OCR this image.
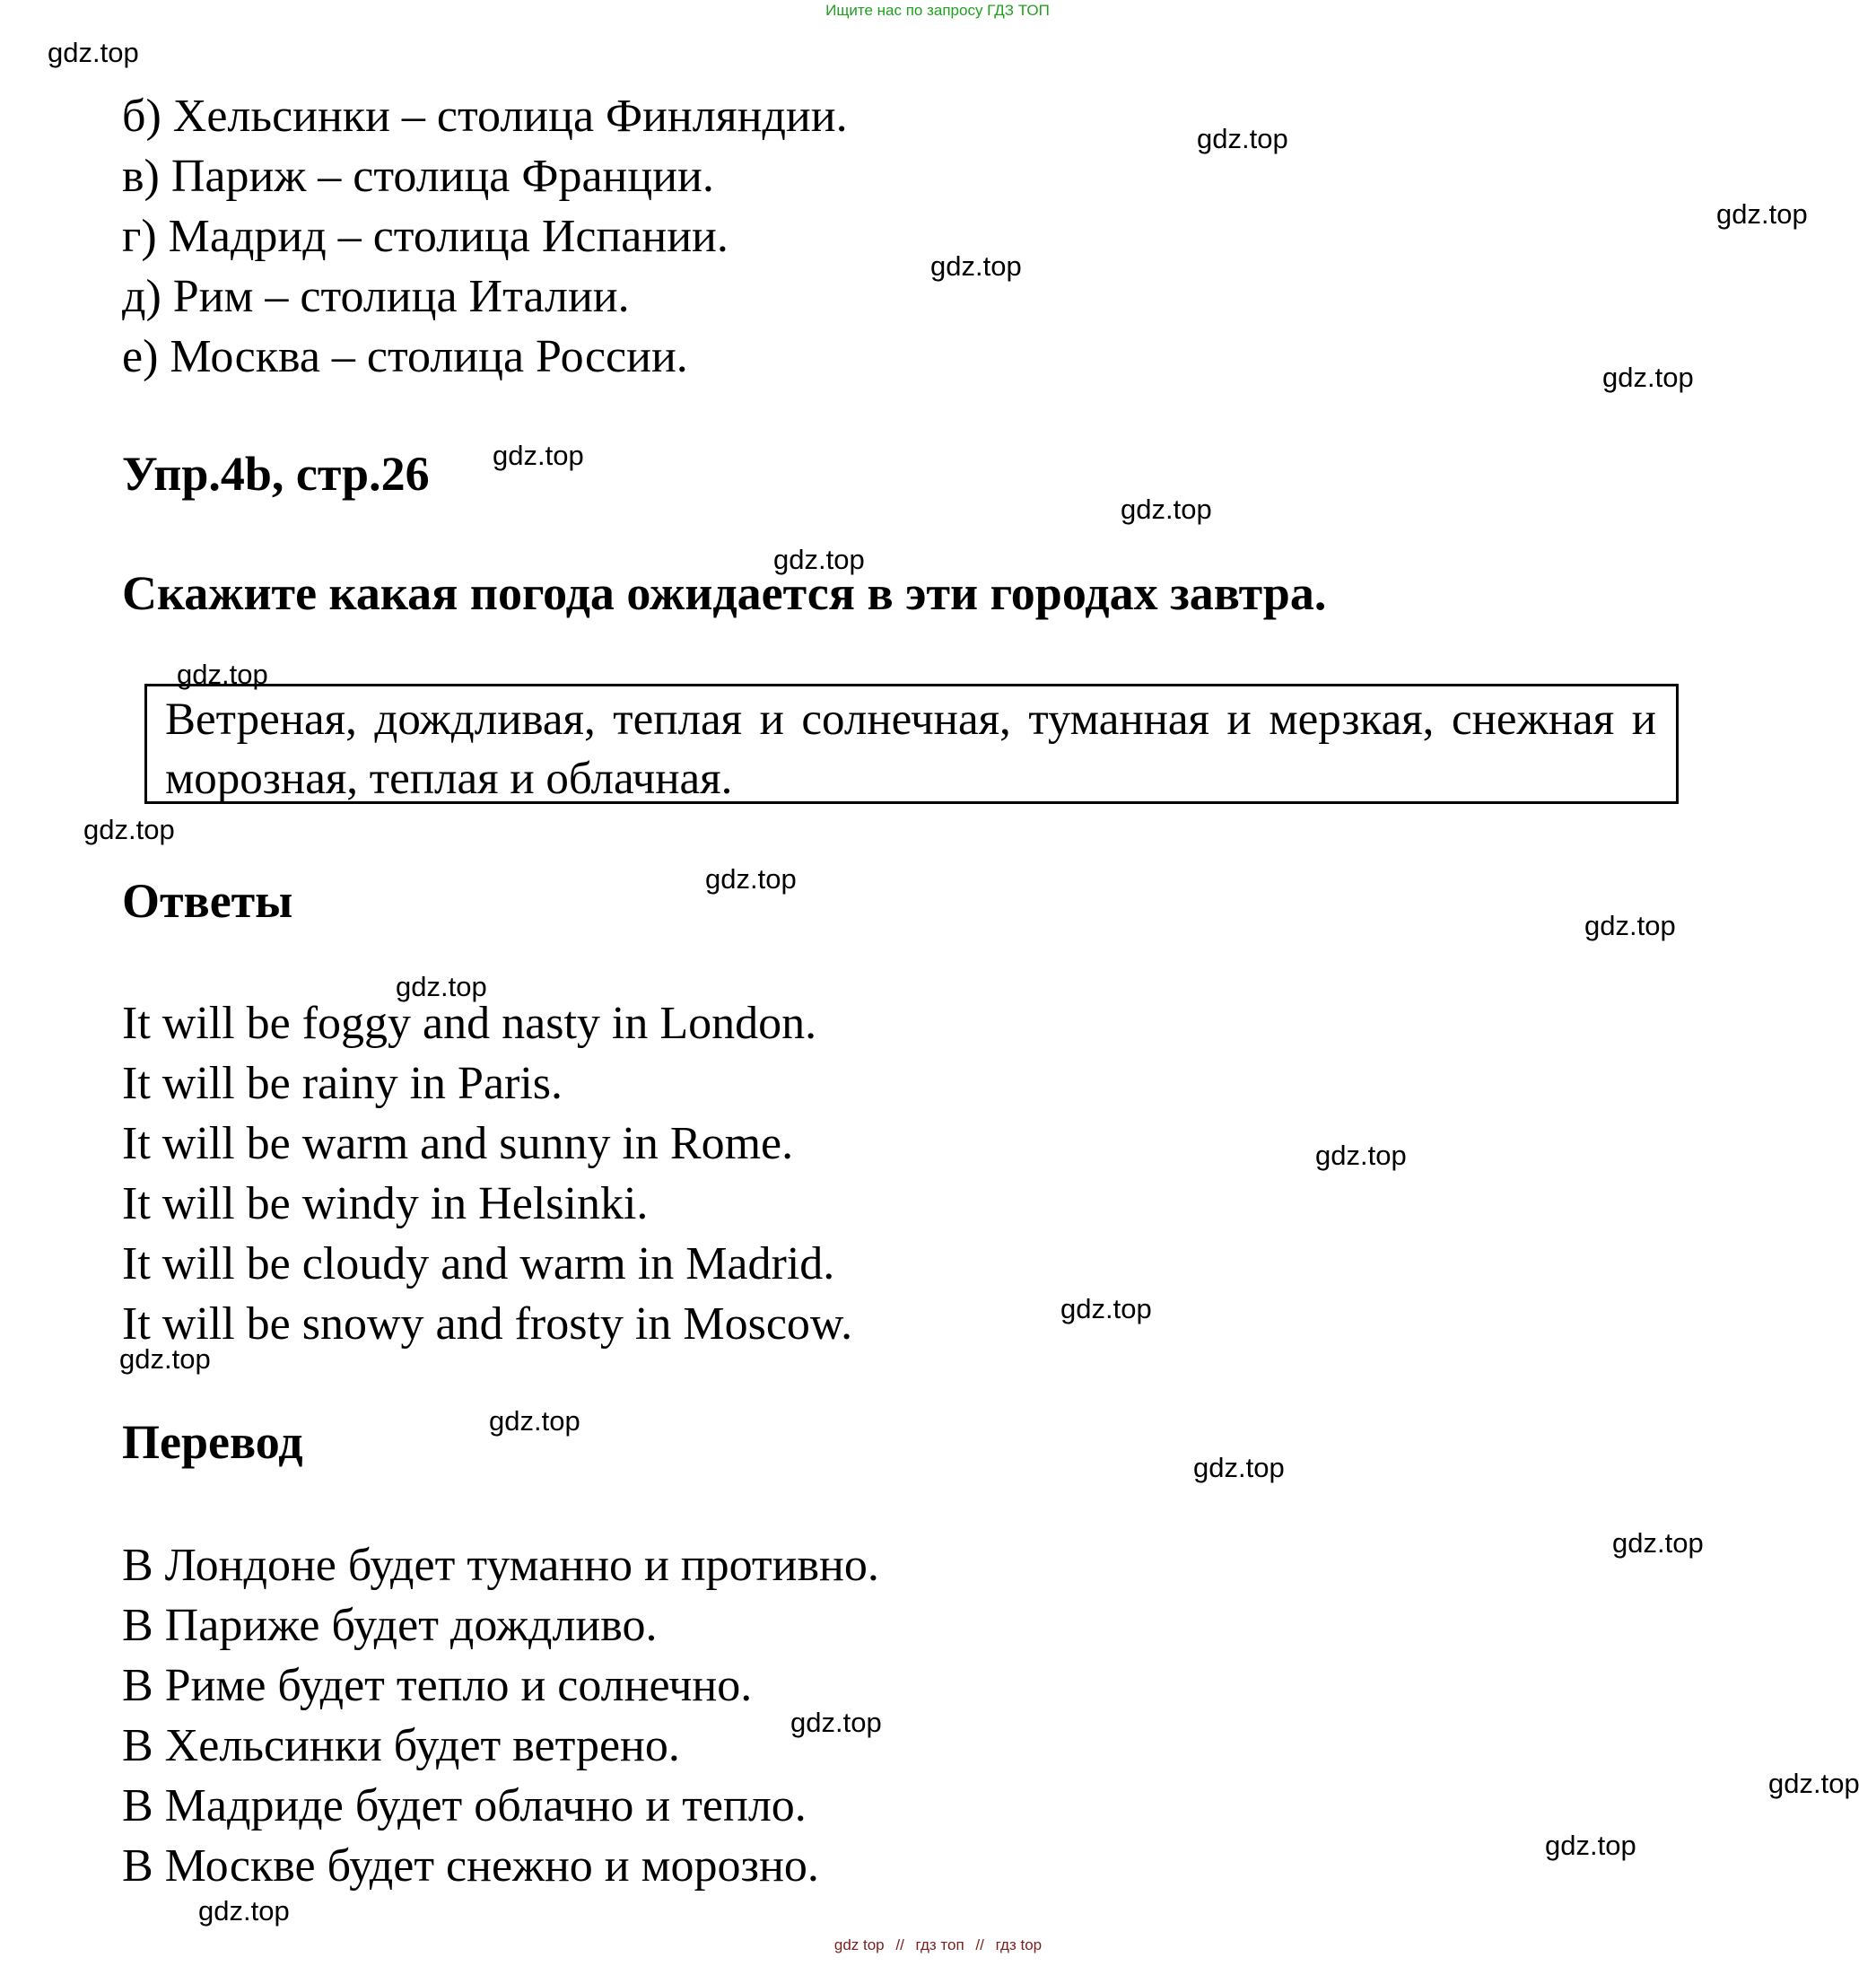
Ищите нас по запросу ГДЗ ТОП
б) Хельсинки – столица Финляндии.
в) Париж – столица Франции.
г) Мадрид – столица Испании.
д) Рим – столица Италии.
е) Москва – столица России.
Упр.4b, стр.26
Скажите какая погода ожидается в эти городах завтра.
Ветреная, дождливая, теплая и солнечная, туманная и мерзкая, снежная и морозная, теплая и облачная.
Ответы
It will be foggy and nasty in London.
It will be rainy in Paris.
It will be warm and sunny in Rome.
It will be windy in Helsinki.
It will be cloudy and warm in Madrid.
It will be snowy and frosty in Moscow.
Перевод
В Лондоне будет туманно и противно.
В Париже будет дождливо.
В Риме будет тепло и солнечно.
В Хельсинки будет ветрено.
В Мадриде будет облачно и тепло.
В Москве будет снежно и морозно.
gdz.top
gdz.top
gdz.top
gdz.top
gdz.top
gdz.top
gdz.top
gdz.top
gdz.top
gdz.top
gdz.top
gdz.top
gdz.top
gdz.top
gdz.top
gdz.top
gdz.top
gdz.top
gdz.top
gdz.top
gdz.top
gdz.top
gdz.top
gdz top // гдз топ // гдз top
